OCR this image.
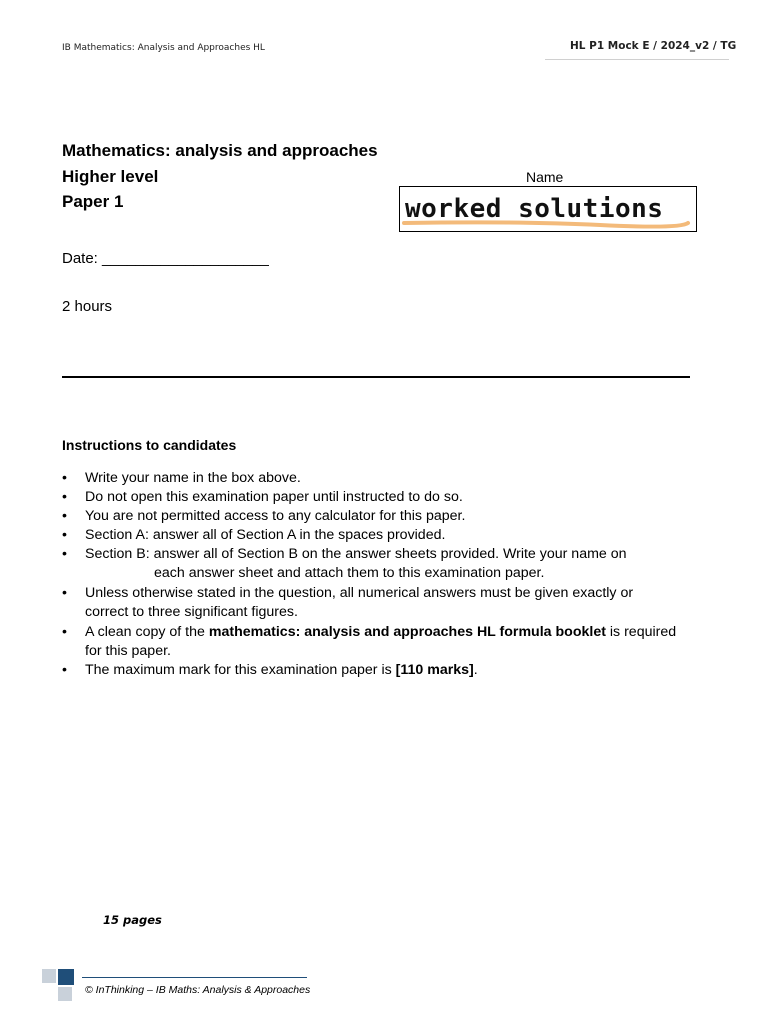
IB Mathematics: Analysis and Approaches HL	HL P1 Mock E / 2024_v2 / TG
Mathematics: analysis and approaches
Higher level
Paper 1
Name
worked solutions
Date: ____________________
2 hours
Instructions to candidates
• Write your name in the box above.
• Do not open this examination paper until instructed to do so.
• You are not permitted access to any calculator for this paper.
• Section A: answer all of Section A in the spaces provided.
• Section B: answer all of Section B on the answer sheets provided. Write your name on
each answer sheet and attach them to this examination paper.
• Unless otherwise stated in the question, all numerical answers must be given exactly or
correct to three significant figures.
• A clean copy of the mathematics: analysis and approaches HL formula booklet is required
for this paper.
• The maximum mark for this examination paper is [110 marks].
15 pages
© InThinking – IB Maths: Analysis & Approaches
